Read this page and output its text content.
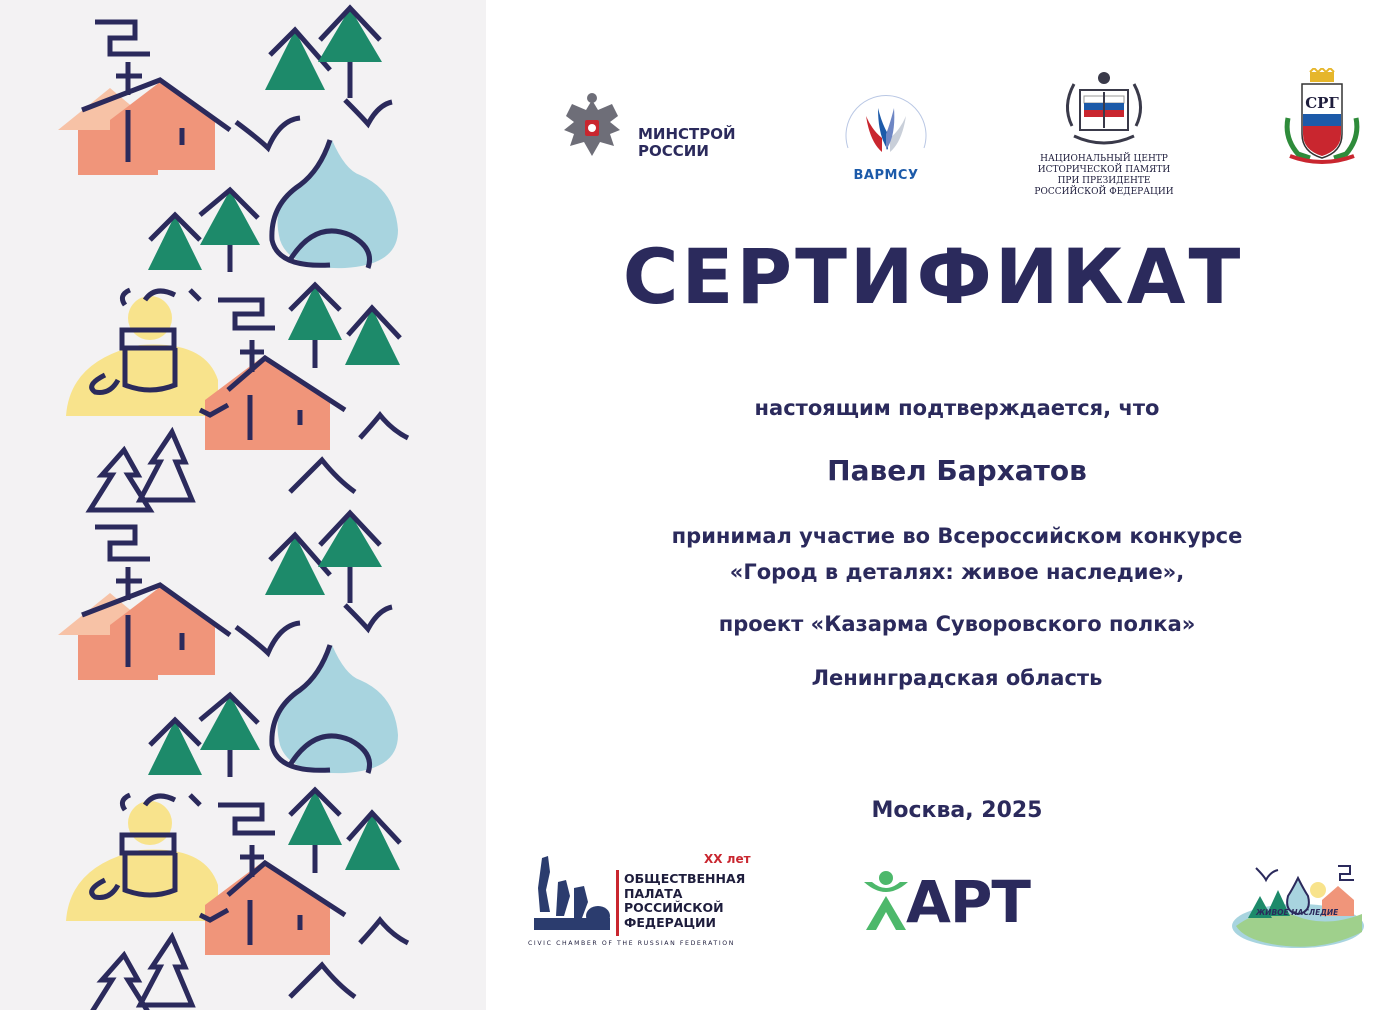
МИНСТРОЙ
РОССИИ
ВАРМСУ
НАЦИОНАЛЬНЫЙ ЦЕНТР
ИСТОРИЧЕСКОЙ ПАМЯТИ
ПРИ ПРЕЗИДЕНТЕ
РОССИЙСКОЙ ФЕДЕРАЦИИ
СРГ
СЕРТИФИКАТ
настоящим подтверждается, что
Павел Бархатов
принимал участие во Всероссийском конкурсе
«Город в деталях: живое наследие»,
проект «Казарма Суворовского полка»
Ленинградская область
Москва, 2025
XX лет
ОБЩЕСТВЕННАЯ
ПАЛАТА
РОССИЙСКОЙ
ФЕДЕРАЦИИ
CIVIC CHAMBER OF THE RUSSIAN FEDERATION
АРТ	ЖИВОЕ НАСЛЕДИЕ
